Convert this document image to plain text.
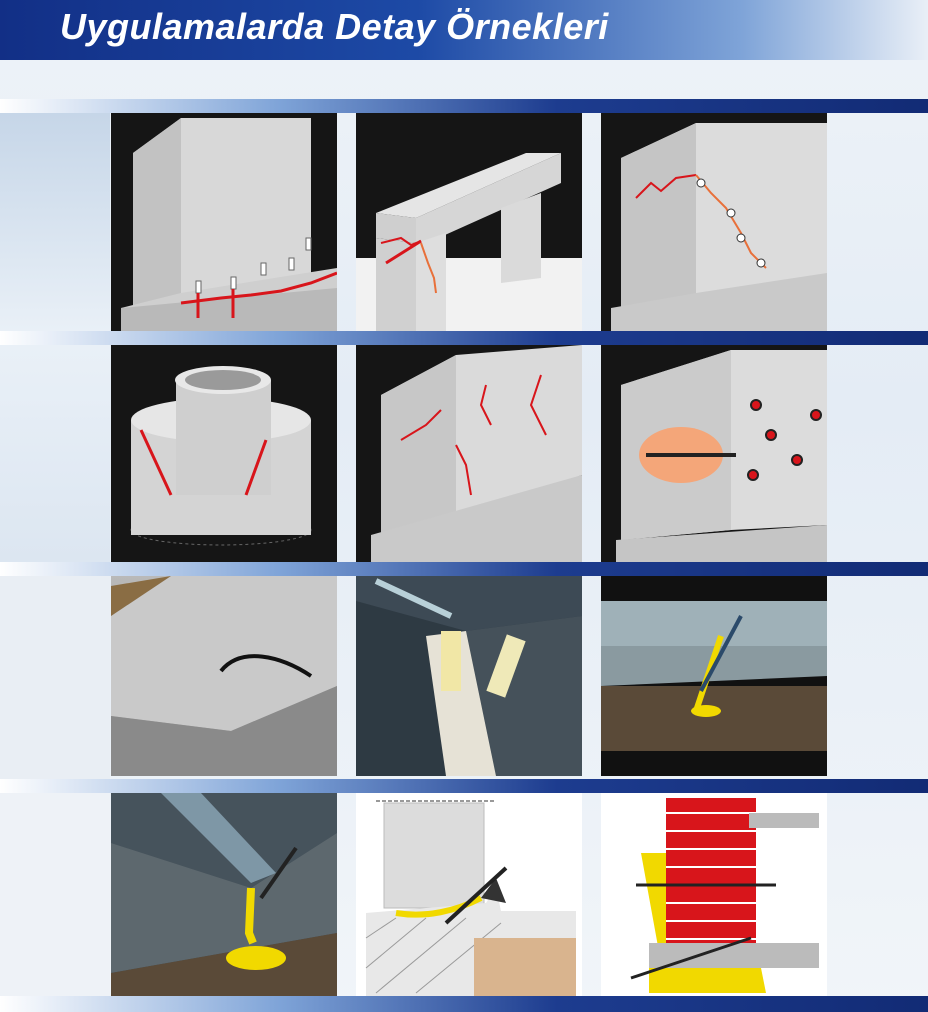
Uygulamalarda Detay Örnekleri
